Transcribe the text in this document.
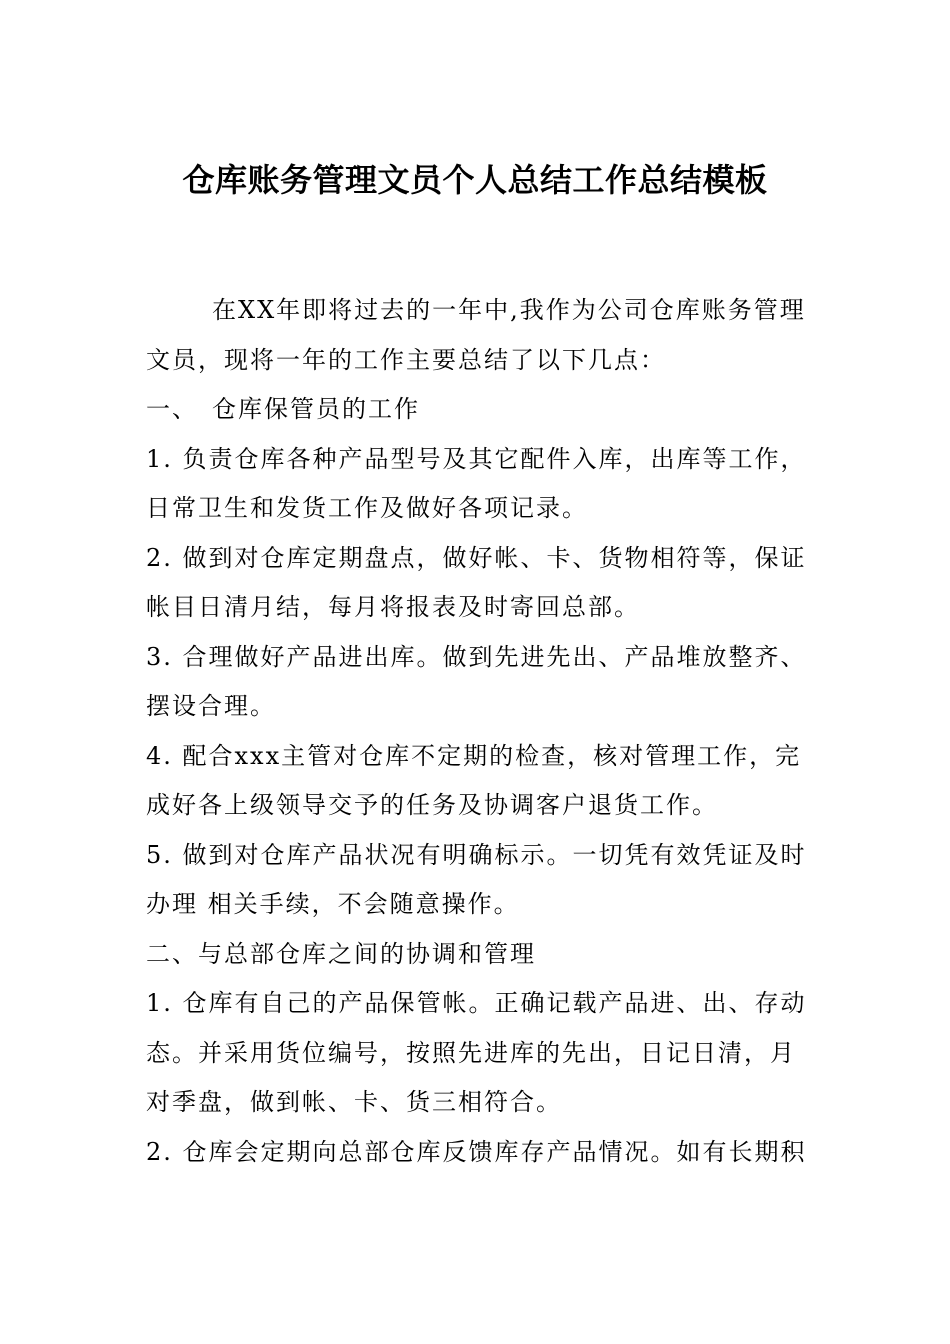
仓库账务管理文员个人总结工作总结模板
在XX年即将过去的一年中,我作为公司仓库账务管理
文员，现将一年的工作主要总结了以下几点：
一、　仓库保管员的工作
1. 负责仓库各种产品型号及其它配件入库，出库等工作，
日常卫生和发货工作及做好各项记录。
2. 做到对仓库定期盘点，做好帐、卡、货物相符等，保证
帐目日清月结，每月将报表及时寄回总部。
3. 合理做好产品进出库。做到先进先出、产品堆放整齐、
摆设合理。
4. 配合xxx主管对仓库不定期的检查，核对管理工作，完
成好各上级领导交予的任务及协调客户退货工作。
5. 做到对仓库产品状况有明确标示。一切凭有效凭证及时
办理 相关手续，不会随意操作。
二、与总部仓库之间的协调和管理
1. 仓库有自己的产品保管帐。正确记载产品进、出、存动
态。并采用货位编号，按照先进库的先出，日记日清，月
对季盘，做到帐、卡、货三相符合。
2. 仓库会定期向总部仓库反馈库存产品情况。如有长期积
